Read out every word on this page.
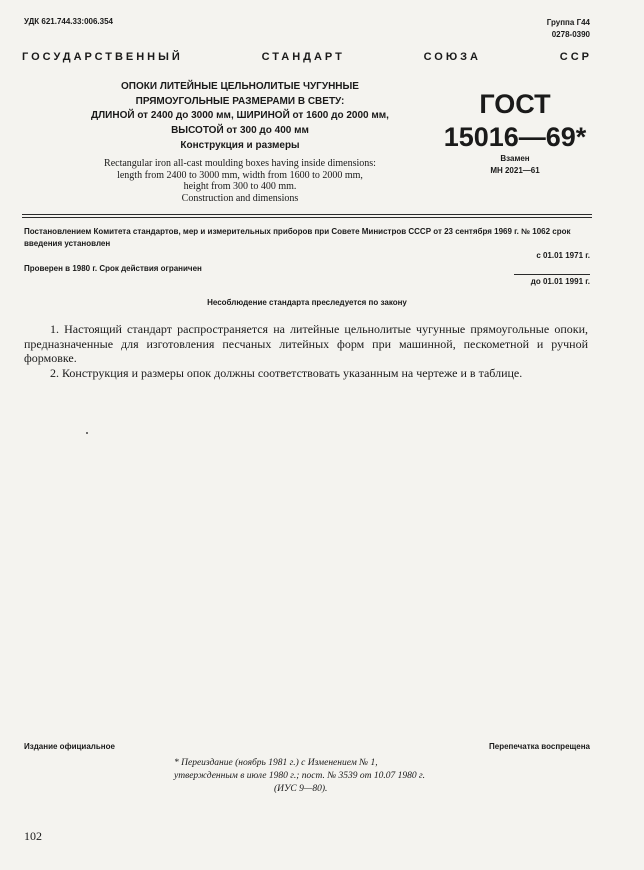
УДК 621.744.33:006.354	Группа Г44
0278-0390
ГОСУДАРСТВЕННЫЙ	СТАНДАРТ	СОЮЗА	ССР
ОПОКИ ЛИТЕЙНЫЕ ЦЕЛЬНОЛИТЫЕ ЧУГУННЫЕ
ПРЯМОУГОЛЬНЫЕ РАЗМЕРАМИ В СВЕТУ:
ДЛИНОЙ от 2400 до 3000 мм, ШИРИНОЙ от 1600 до 2000 мм,
ВЫСОТОЙ от 300 до 400 мм
Конструкция и размеры
Rectangular iron all-cast moulding boxes having inside dimensions:
length from 2400 to 3000 mm, width from 1600 to 2000 mm,
height from 300 to 400 mm.
Construction and dimensions
ГОСТ
15016—69*
Взамен
МН 2021—61
Постановлением Комитета стандартов, мер и измерительных приборов при Совете Министров СССР от 23 сентября 1969 г. № 1062 срок введения установлен
с 01.01 1971 г.
Проверен в 1980 г. Срок действия ограничен
до 01.01 1991 г.
Несоблюдение стандарта преследуется по закону

1. Настоящий стандарт распространяется на литейные цельнолитые чугунные прямоугольные опоки, предназначенные для изготовления песчаных литейных форм при машинной, пескометной и ручной формовке.

2. Конструкция и размеры опок должны соответствовать указанным на чертеже и в таблице.

Издание официальное	Перепечатка воспрещена
* Переиздание (ноябрь 1981 г.) с Изменением № 1,
утвержденным в июле 1980 г.; пост. № 3539 от 10.07 1980 г.
(ИУС 9—80).
102
